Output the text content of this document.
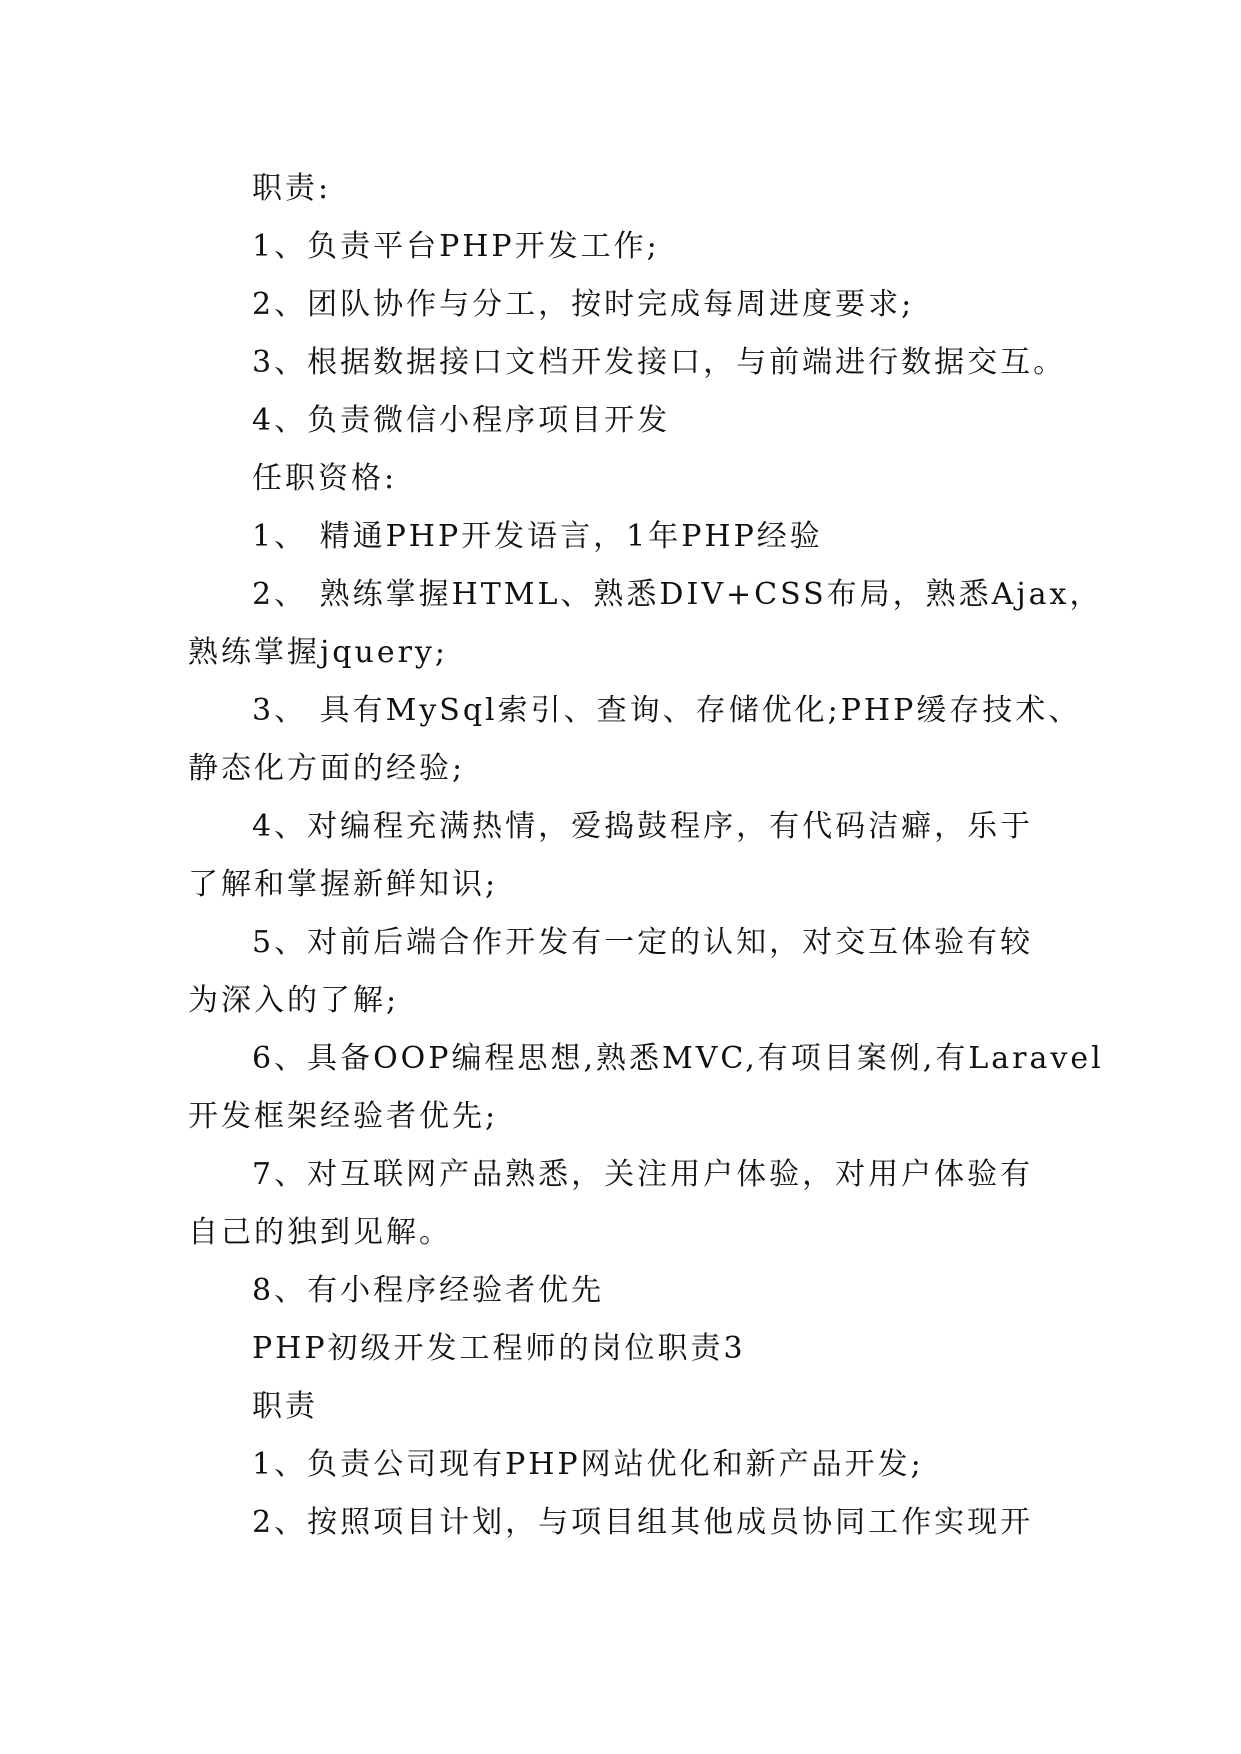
职责:
1、负责平台PHP开发工作;
2、团队协作与分工，按时完成每周进度要求;
3、根据数据接口文档开发接口，与前端进行数据交互。
4、负责微信小程序项目开发
任职资格:
1、 精通PHP开发语言，1年PHP经验
2、 熟练掌握HTML、熟悉DIV+CSS布局，熟悉Ajax，
熟练掌握jquery;
3、 具有MySql索引、查询、存储优化;PHP缓存技术、
静态化方面的经验;
4、对编程充满热情，爱捣鼓程序，有代码洁癖，乐于
了解和掌握新鲜知识;
5、对前后端合作开发有一定的认知，对交互体验有较
为深入的了解;
6、具备OOP编程思想,熟悉MVC,有项目案例,有Laravel
开发框架经验者优先;
7、对互联网产品熟悉，关注用户体验，对用户体验有
自己的独到见解。
8、有小程序经验者优先
PHP初级开发工程师的岗位职责3
职责
1、负责公司现有PHP网站优化和新产品开发;
2、按照项目计划，与项目组其他成员协同工作实现开
